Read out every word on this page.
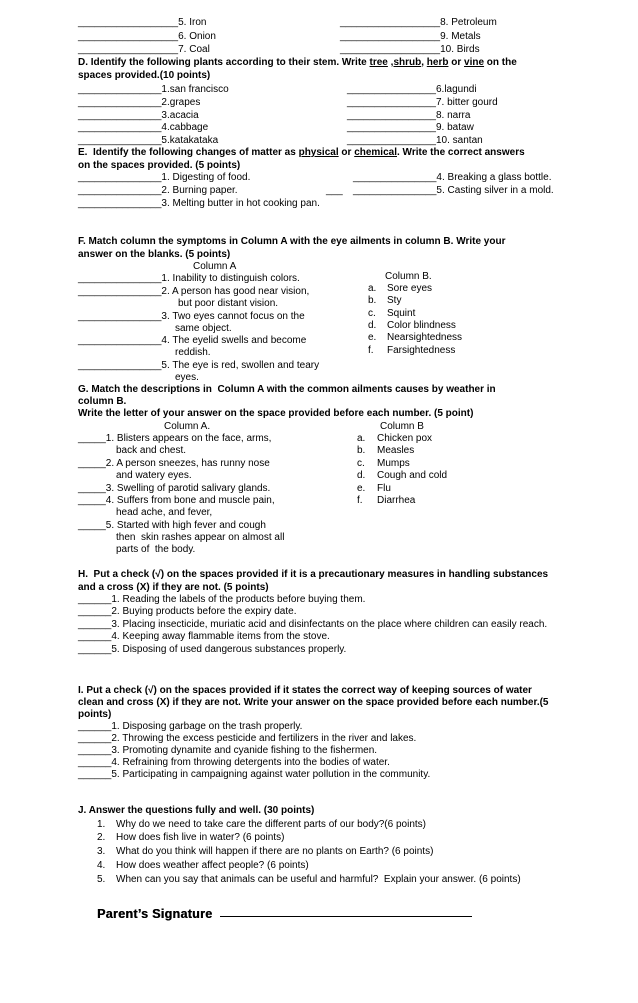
__________________5. Iron
__________________6. Onion
__________________7. Coal
__________________8. Petroleum
__________________9. Metals
__________________10. Birds
D. Identify the following plants according to their stem. Write tree ,shrub, herb or vine on the
spaces provided.(10 points)
_______________1.san francisco
_______________2.grapes
_______________3.acacia
_______________4.cabbage
_______________5.katakataka
________________6.lagundi
________________7. bitter gourd
________________8. narra
________________9. bataw
________________10. santan
E.  Identify the following changes of matter as physical or chemical. Write the correct answers
on the spaces provided. (5 points)
_______________1. Digesting of food.
_______________2. Burning paper.	___
_______________3. Melting butter in hot cooking pan.
_______________4. Breaking a glass bottle.
_______________5. Casting silver in a mold.
F. Match column the symptoms in Column A with the eye ailments in column B. Write your
answer on the blanks. (5 points)
Column A
_______________1. Inability to distinguish colors.
_______________2. A person has good near vision,
but poor distant vision.
_______________3. Two eyes cannot focus on the
same object.
_______________4. The eyelid swells and become
reddish.
_______________5. The eye is red, swollen and teary
eyes.
Column B.
a. Sore eyes
b. Sty
c. Squint
d. Color blindness
e. Nearsightedness
f. Farsightedness
G. Match the descriptions in  Column A with the common ailments causes by weather in
column B.
Write the letter of your answer on the space provided before each number. (5 point)
Column A.	Column B
_____1. Blisters appears on the face, arms,
back and chest.
_____2. A person sneezes, has runny nose
and watery eyes.
_____3. Swelling of parotid salivary glands.
_____4. Suffers from bone and muscle pain,
head ache, and fever,
_____5. Started with high fever and cough
then  skin rashes appear on almost all
parts of  the body.
a. Chicken pox
b. Measles
c. Mumps
d. Cough and cold
e. Flu
f. Diarrhea
H.  Put a check (√) on the spaces provided if it is a precautionary measures in handling substances
and a cross (X) if they are not. (5 points)
______1. Reading the labels of the products before buying them.
______2. Buying products before the expiry date.
______3. Placing insecticide, muriatic acid and disinfectants on the place where children can easily reach.
______4. Keeping away flammable items from the stove.
______5. Disposing of used dangerous substances properly.
I. Put a check (√) on the spaces provided if it states the correct way of keeping sources of water
clean and cross (X) if they are not. Write your answer on the space provided before each number.(5
points)
______1. Disposing garbage on the trash properly.
______2. Throwing the excess pesticide and fertilizers in the river and lakes.
______3. Promoting dynamite and cyanide fishing to the fishermen.
______4. Refraining from throwing detergents into the bodies of water.
______5. Participating in campaigning against water pollution in the community.
J. Answer the questions fully and well. (30 points)
1. Why do we need to take care the different parts of our body?(6 points)
2. How does fish live in water? (6 points)
3. What do you think will happen if there are no plants on Earth? (6 points)
4. How does weather affect people? (6 points)
5. When can you say that animals can be useful and harmful?  Explain your answer. (6 points)
Parent’s Signature
